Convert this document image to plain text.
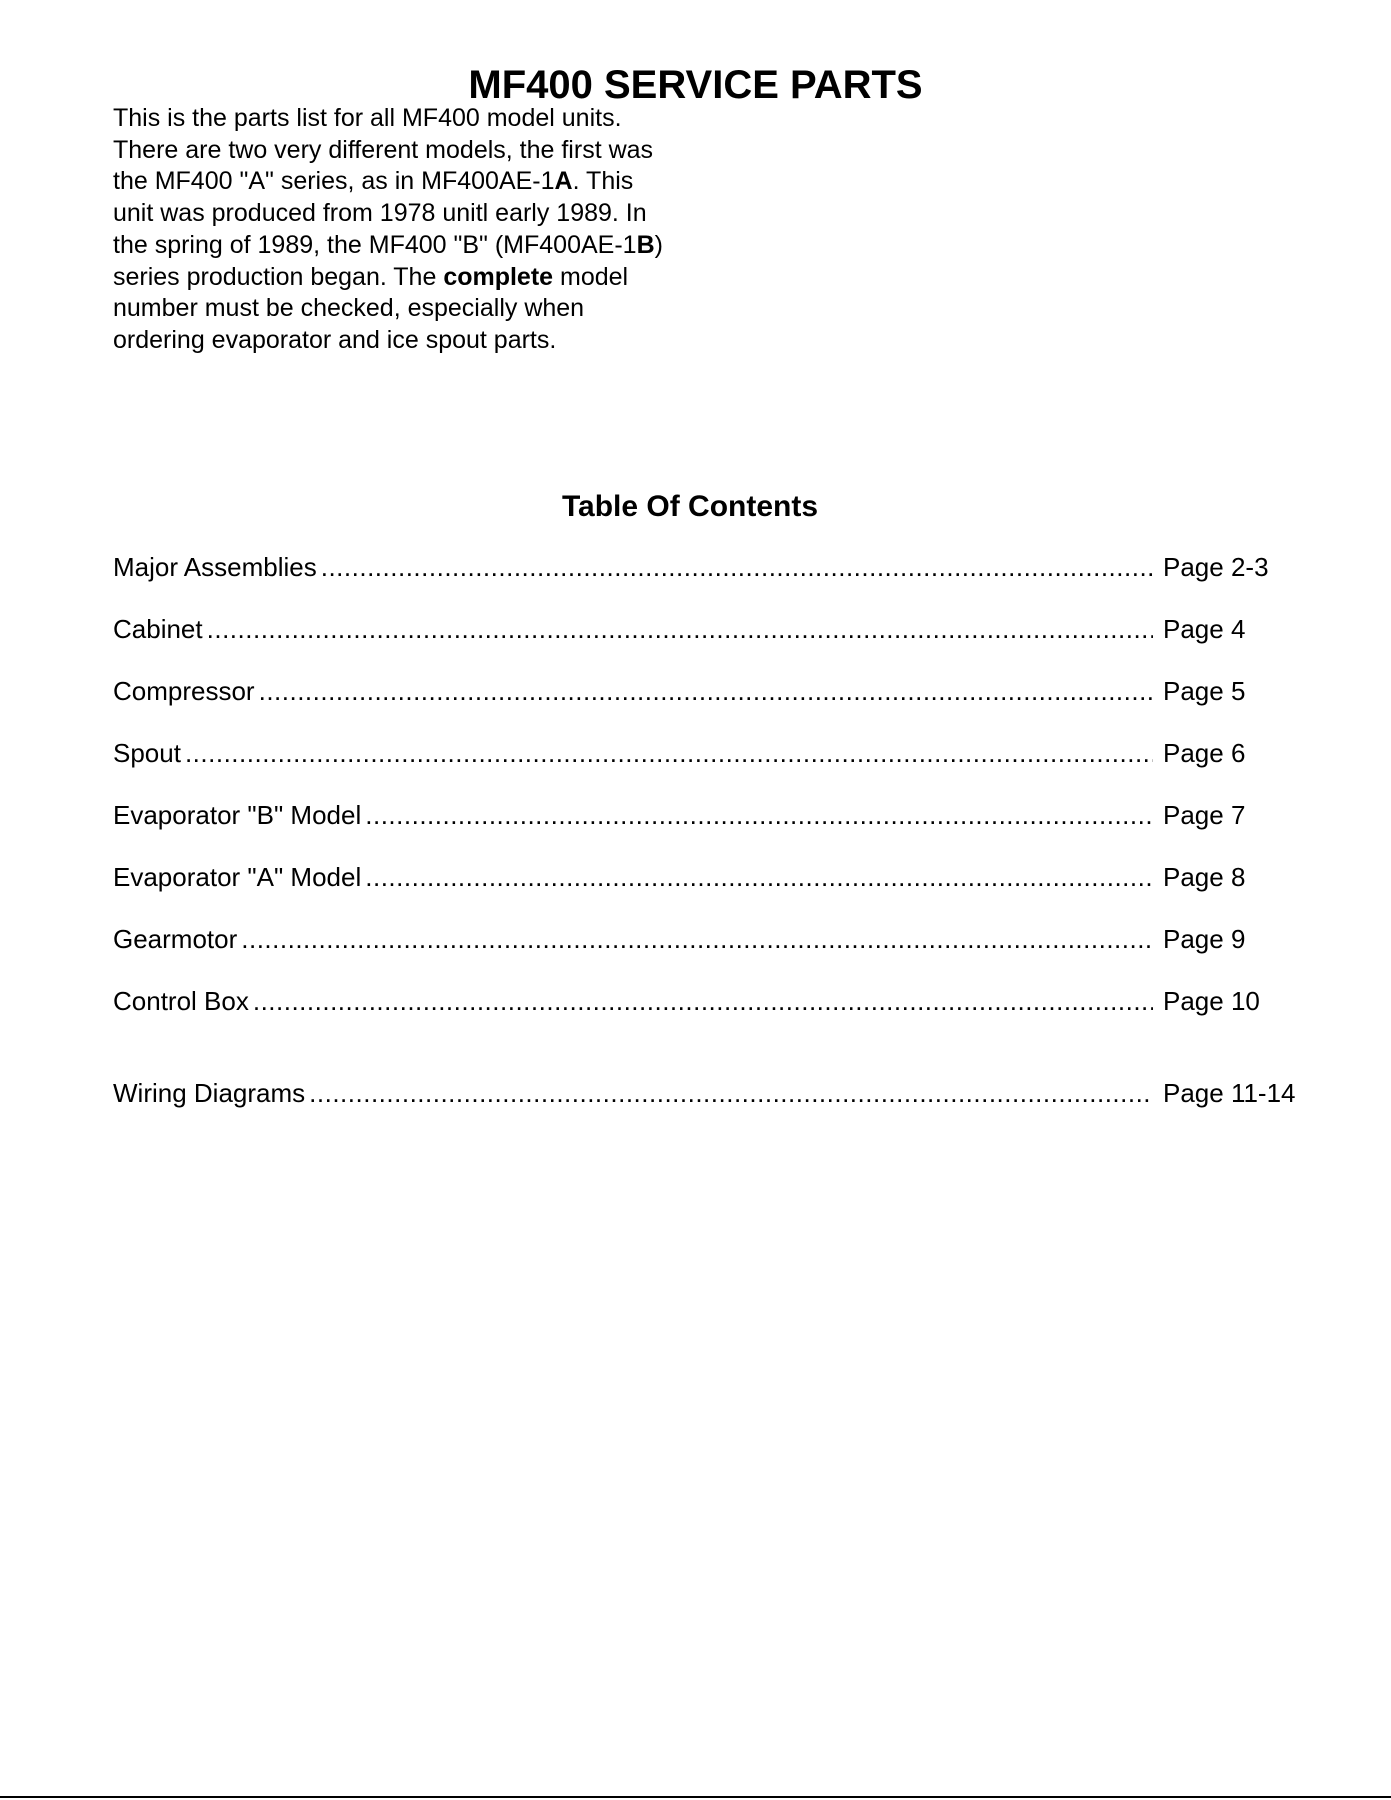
MF400 SERVICE PARTS

This is the parts list for all MF400 model units.

There are two very different models, the first was the MF400 "A" series, as in MF400AE-1A. This unit was produced from 1978 unitl early 1989. In the spring of 1989, the MF400 "B" (MF400AE-1B) series production began. The complete model number must be checked, especially when ordering evaporator and ice spout parts.

Table Of Contents
Major Assemblies .....	Page 2-3
Cabinet .....	Page 4
Compressor .....	Page 5
Spout .....	Page 6
Evaporator "B" Model .....	Page 7
Evaporator "A" Model .....	Page 8
Gearmotor .....	Page 9
Control Box .....	Page 10
Wiring Diagrams .....	Page 11-14
